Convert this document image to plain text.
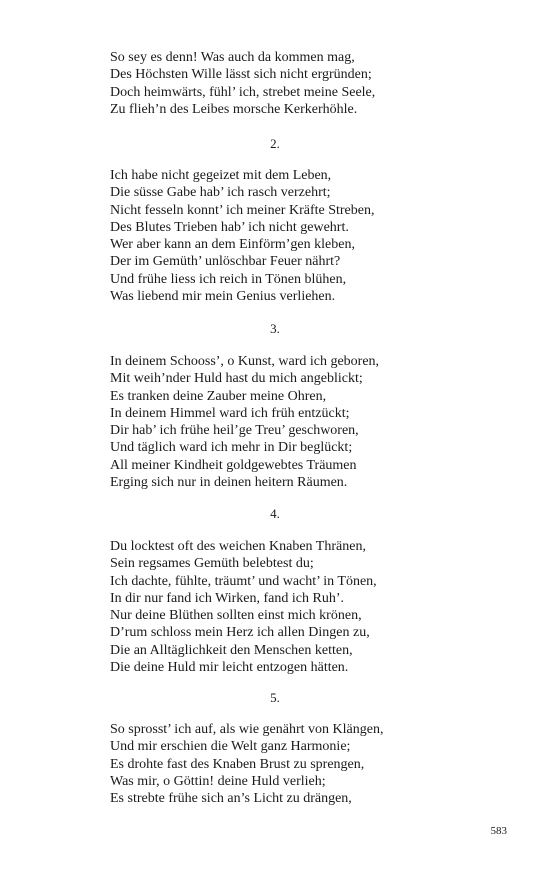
So sey es denn! Was auch da kommen mag,
Des Höchsten Wille lässt sich nicht ergründen;
Doch heimwärts, fühl’ ich, strebet meine Seele,
Zu flieh’n des Leibes morsche Kerkerhöhle.
2.
Ich habe nicht gegeizet mit dem Leben,
Die süsse Gabe hab’ ich rasch verzehrt;
Nicht fesseln konnt’ ich meiner Kräfte Streben,
Des Blutes Trieben hab’ ich nicht gewehrt.
Wer aber kann an dem Einförm’gen kleben,
Der im Gemüth’ unlöschbar Feuer nährt?
Und frühe liess ich reich in Tönen blühen,
Was liebend mir mein Genius verliehen.
3.
In deinem Schooss’, o Kunst, ward ich geboren,
Mit weih’nder Huld hast du mich angeblickt;
Es tranken deine Zauber meine Ohren,
In deinem Himmel ward ich früh entzückt;
Dir hab’ ich frühe heil’ge Treu’ geschworen,
Und täglich ward ich mehr in Dir beglückt;
All meiner Kindheit goldgewebtes Träumen
Erging sich nur in deinen heitern Räumen.
4.
Du locktest oft des weichen Knaben Thränen,
Sein regsames Gemüth belebtest du;
Ich dachte, fühlte, träumt’ und wacht’ in Tönen,
In dir nur fand ich Wirken, fand ich Ruh’.
Nur deine Blüthen sollten einst mich krönen,
D’rum schloss mein Herz ich allen Dingen zu,
Die an Alltäglichkeit den Menschen ketten,
Die deine Huld mir leicht entzogen hätten.
5.
So sprosst’ ich auf, als wie genährt von Klängen,
Und mir erschien die Welt ganz Harmonie;
Es drohte fast des Knaben Brust zu sprengen,
Was mir, o Göttin! deine Huld verlieh;
Es strebte frühe sich an’s Licht zu drängen,
583
